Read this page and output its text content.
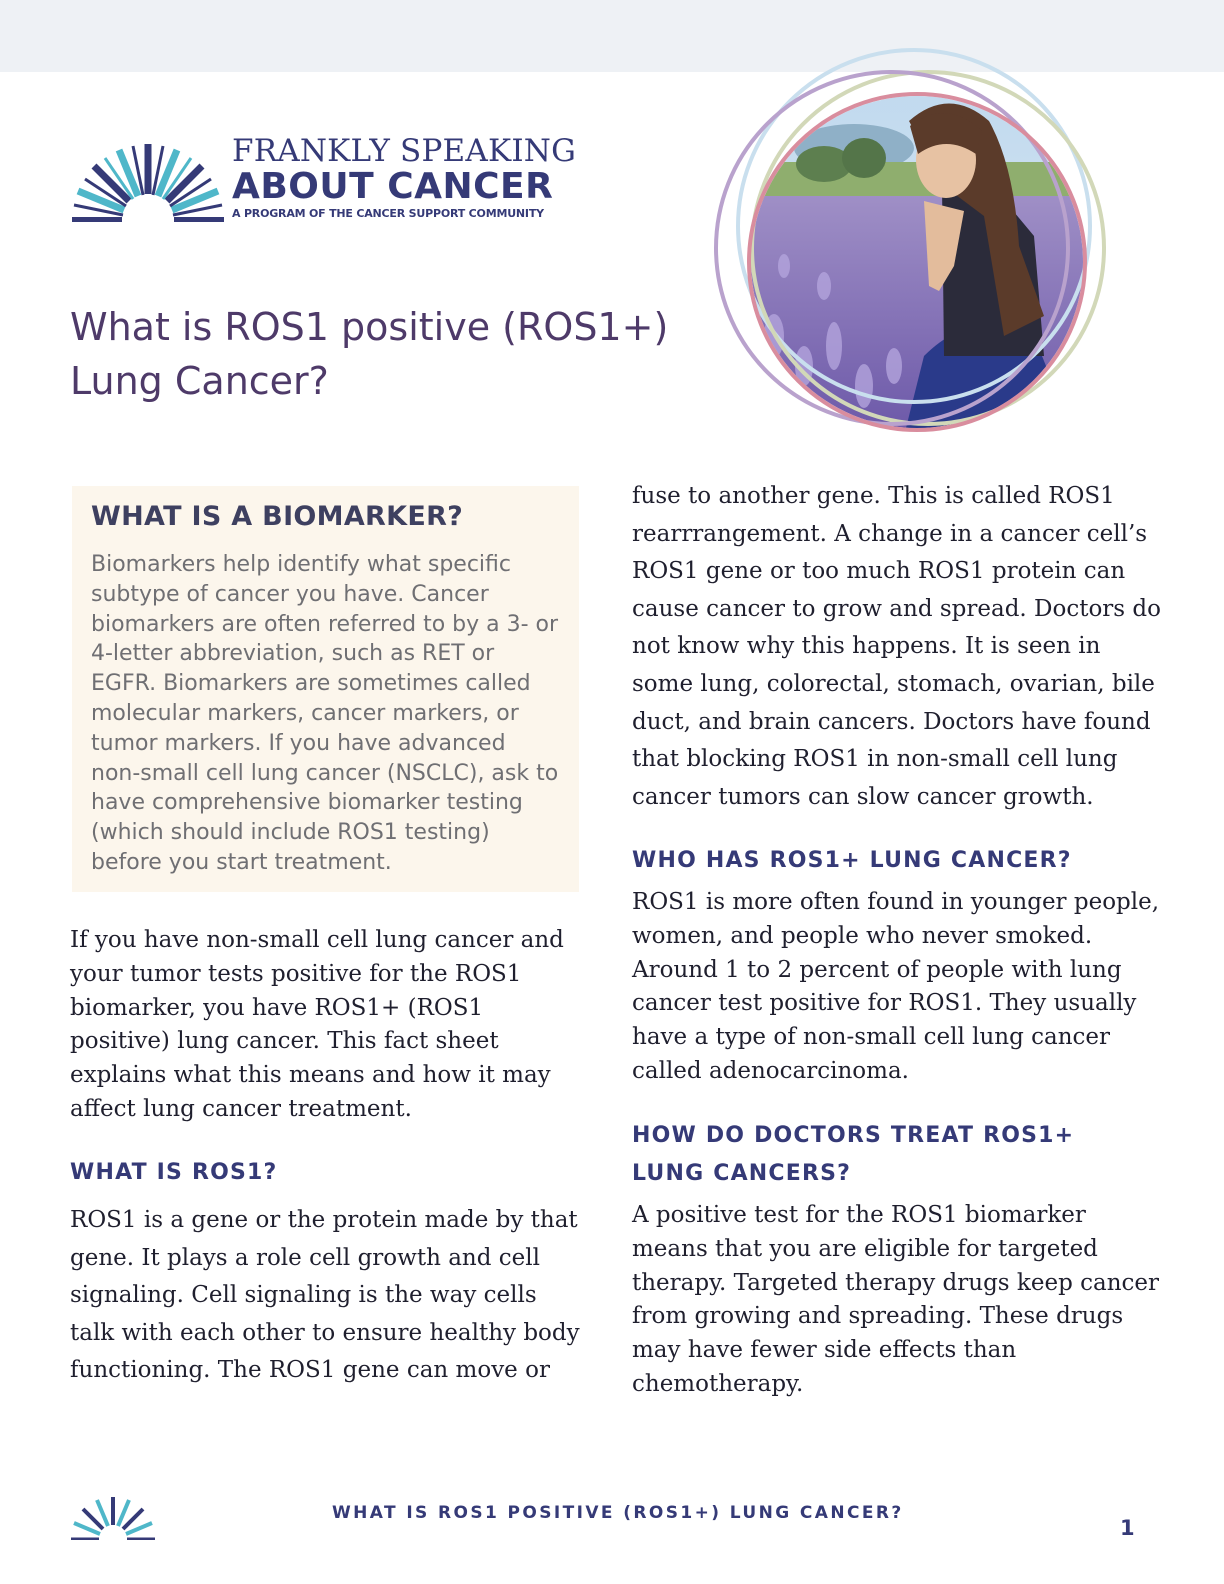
FRANKLY SPEAKING
ABOUT CANCER
A PROGRAM OF THE CANCER SUPPORT COMMUNITY
What is ROS1 positive (ROS1+) Lung Cancer?
WHAT IS A BIOMARKER?

Biomarkers help identify what specific subtype of cancer you have. Cancer biomarkers are often referred to by a 3- or 4-letter abbreviation, such as RET or EGFR. Biomarkers are sometimes called molecular markers, cancer markers, or tumor markers. If you have advanced non-small cell lung cancer (NSCLC), ask to have comprehensive biomarker testing (which should include ROS1 testing) before you start treatment.

If you have non-small cell lung cancer and your tumor tests positive for the ROS1 biomarker, you have ROS1+ (ROS1 positive) lung cancer. This fact sheet explains what this means and how it may affect lung cancer treatment.

WHAT IS ROS1?

ROS1 is a gene or the protein made by that gene. It plays a role cell growth and cell signaling. Cell signaling is the way cells talk with each other to ensure healthy body functioning. The ROS1 gene can move or

fuse to another gene. This is called ROS1 rearrrangement. A change in a cancer cell’s ROS1 gene or too much ROS1 protein can cause cancer to grow and spread. Doctors do not know why this happens. It is seen in some lung, colorectal, stomach, ovarian, bile duct, and brain cancers. Doctors have found that blocking ROS1 in non-small cell lung cancer tumors can slow cancer growth.

WHO HAS ROS1+ LUNG CANCER?

ROS1 is more often found in younger people, women, and people who never smoked. Around 1 to 2 percent of people with lung cancer test positive for ROS1. They usually have a type of non-small cell lung cancer called adenocarcinoma.

HOW DO DOCTORS TREAT ROS1+ LUNG CANCERS?

A positive test for the ROS1 biomarker means that you are eligible for targeted therapy. Targeted therapy drugs keep cancer from growing and spreading. These drugs may have fewer side effects than chemotherapy.

WHAT IS ROS1 POSITIVE (ROS1+) LUNG CANCER?
1
